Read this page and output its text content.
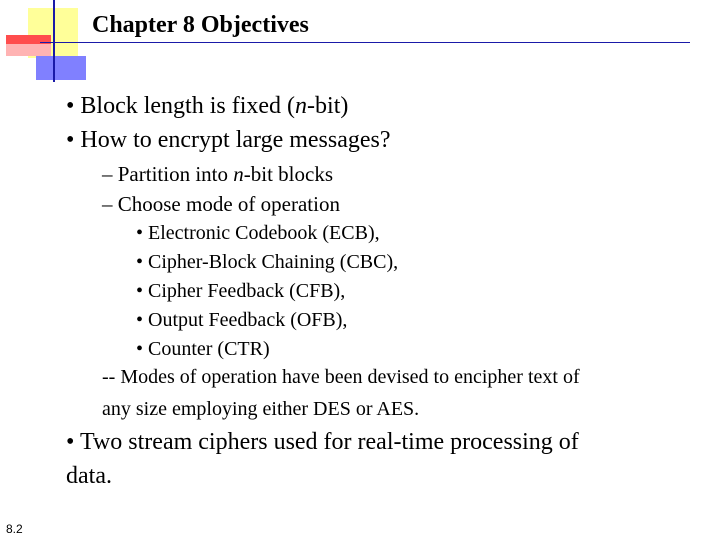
Chapter 8 Objectives
• Block length is fixed (n-bit)
• How to encrypt large messages?
– Partition into n-bit blocks
– Choose mode of operation
• Electronic Codebook (ECB),
• Cipher-Block Chaining (CBC),
• Cipher Feedback (CFB),
• Output Feedback (OFB),
• Counter (CTR)
-- Modes of operation have been devised to encipher text of
any size employing either DES or AES.
• Two stream ciphers used for real-time processing of
data.
8.2
